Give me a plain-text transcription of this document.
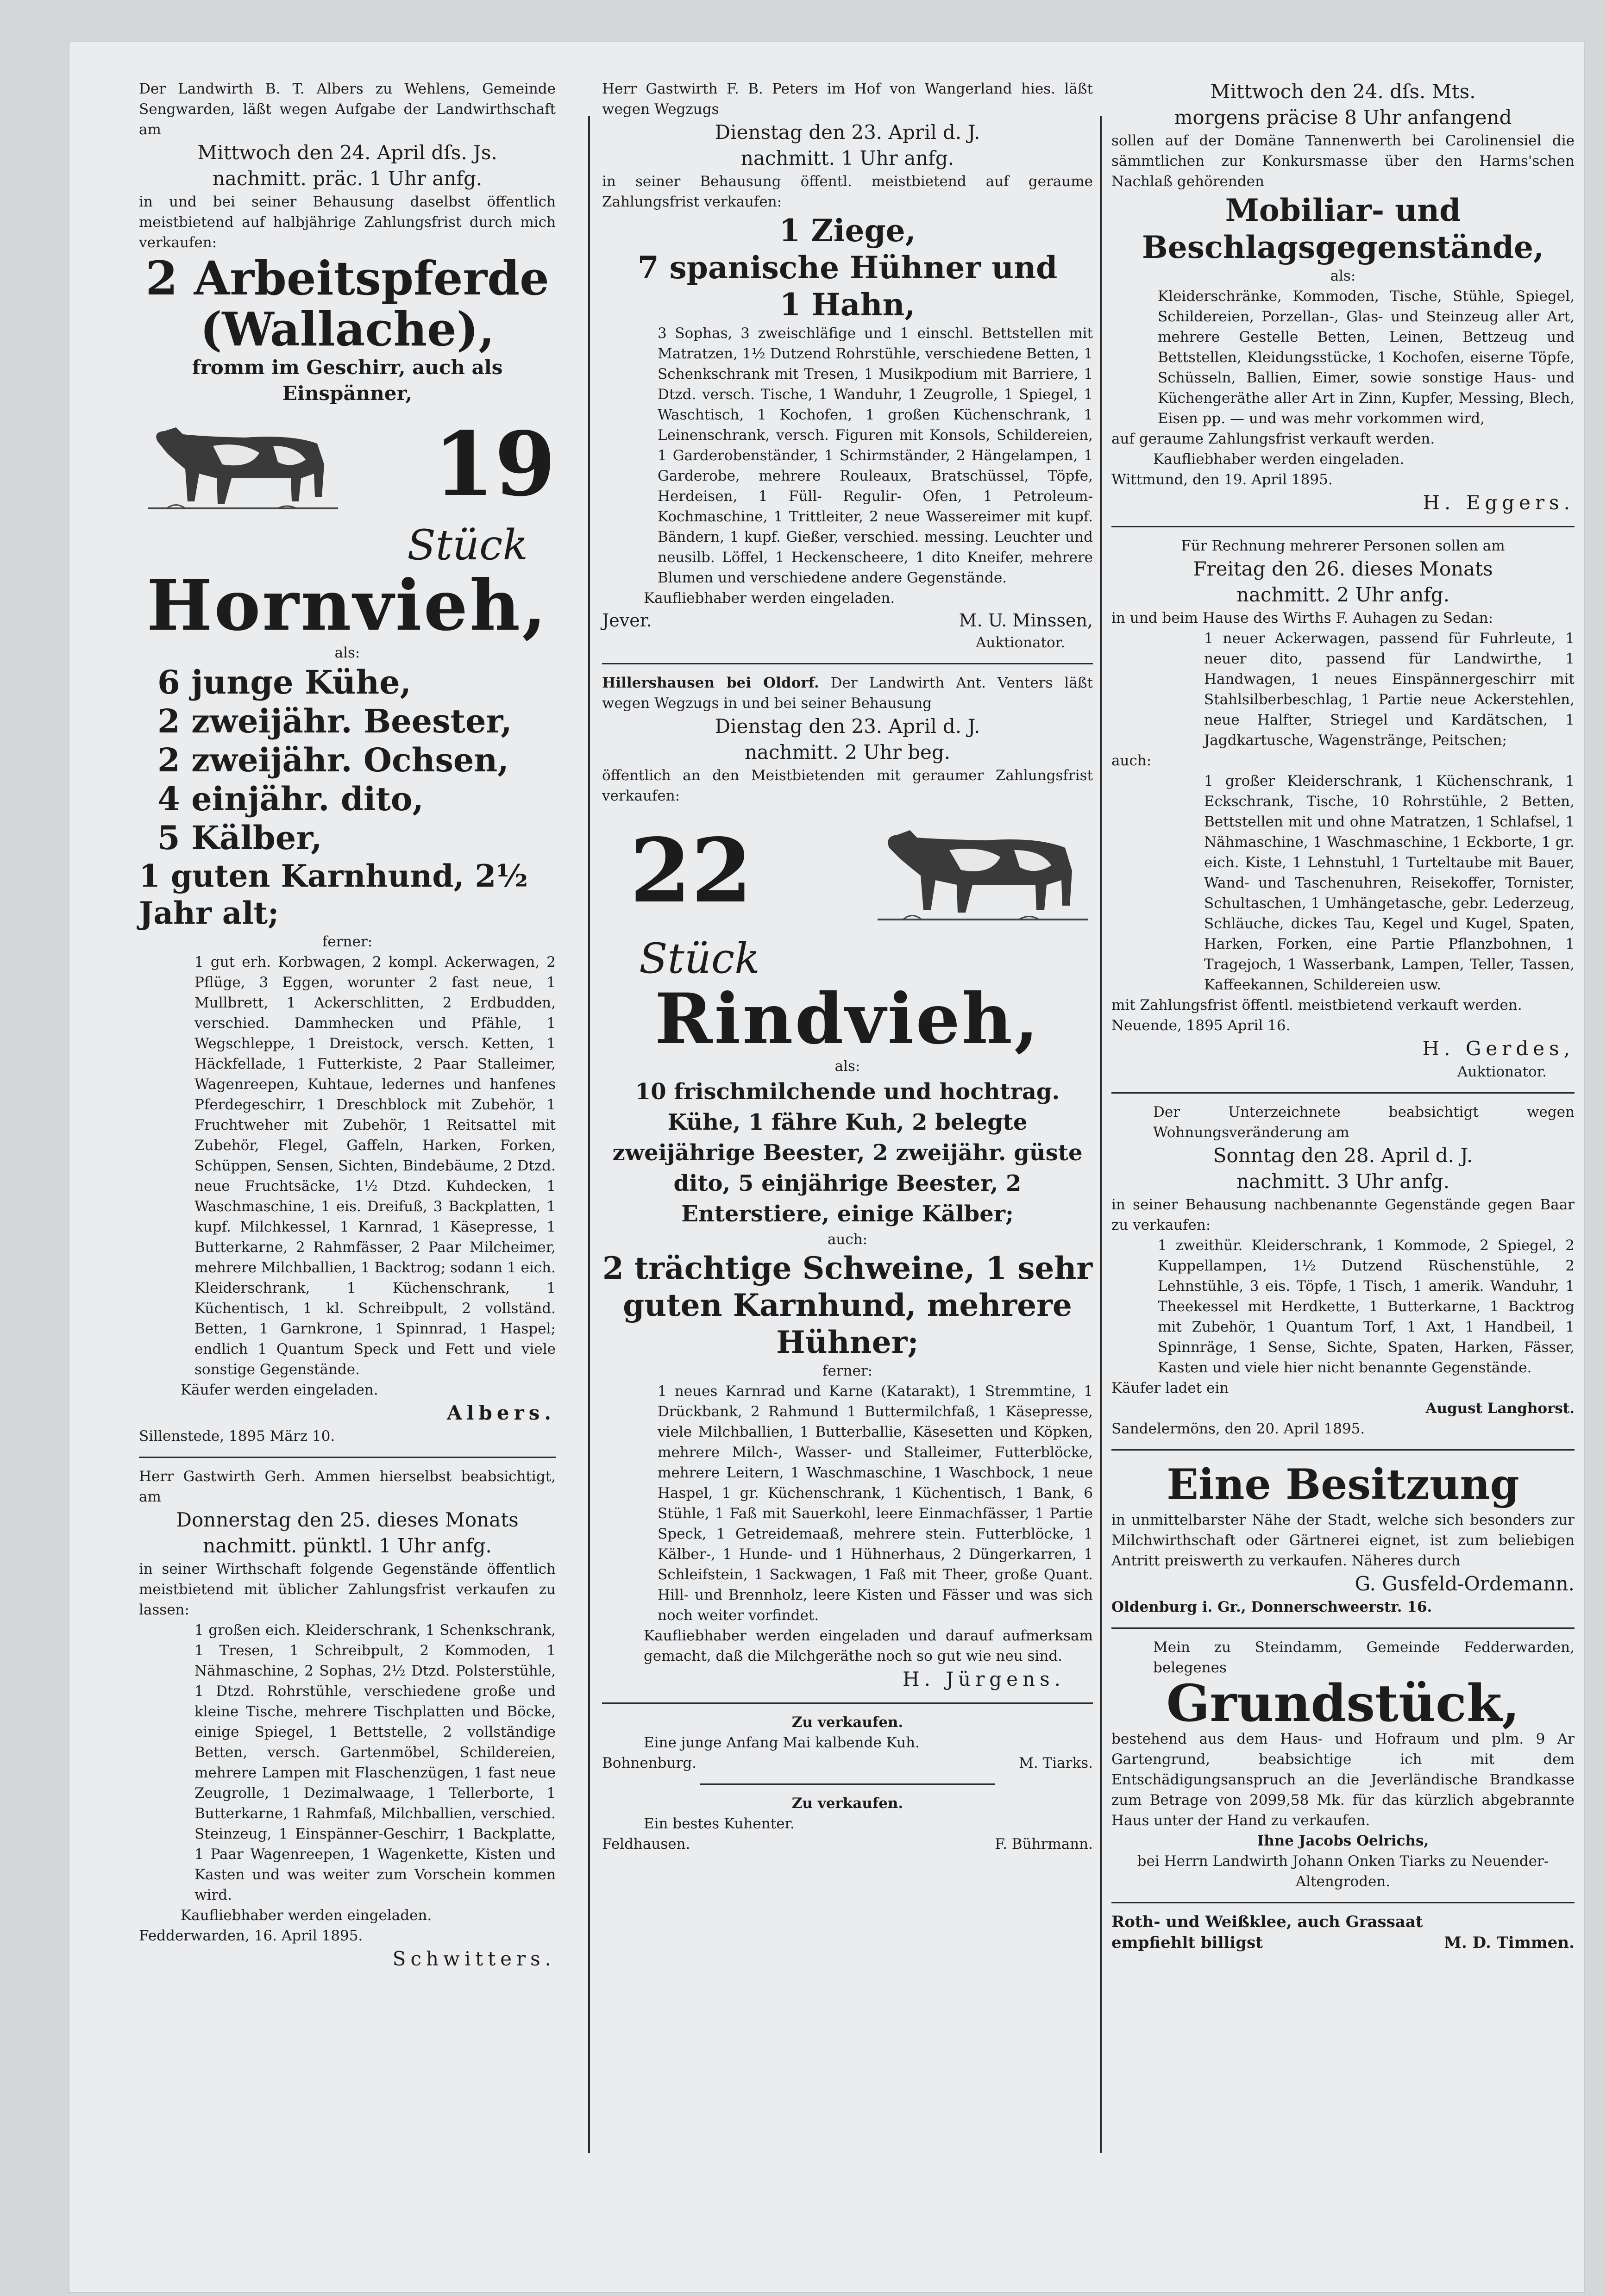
Der Landwirth B. T. Albers zu Wehlens, Gemeinde Sengwarden, läßt wegen Aufgabe der Landwirthschaft am

Mittwoch den 24. April dſs. Js.

nachmitt. präc. 1 Uhr anfg.

in und bei seiner Behausung daselbst öffentlich meistbietend auf halbjährige Zahlungsfrist durch mich verkaufen:

2 Arbeitspferde

(Wallache),

fromm im Geschirr, auch als Einspänner,

19

Stück

Hornvieh,

als:

6 junge Kühe,

2 zweijähr. Beester,

2 zweijähr. Ochsen,

4 einjähr. dito,

5 Kälber,

1 guten Karnhund, 2½ Jahr alt;

ferner:

1 gut erh. Korbwagen, 2 kompl. Ackerwagen, 2 Pflüge, 3 Eggen, worunter 2 fast neue, 1 Mullbrett, 1 Ackerschlitten, 2 Erdbudden, verschied. Dammhecken und Pfähle, 1 Wegschleppe, 1 Dreistock, versch. Ketten, 1 Häckfellade, 1 Futterkiste, 2 Paar Stalleimer, Wagenreepen, Kuhtaue, ledernes und hanfenes Pferdegeschirr, 1 Dreschblock mit Zubehör, 1 Fruchtweher mit Zubehör, 1 Reitsattel mit Zubehör, Flegel, Gaffeln, Harken, Forken, Schüppen, Sensen, Sichten, Bindebäume, 2 Dtzd. neue Fruchtsäcke, 1½ Dtzd. Kuhdecken, 1 Waschmaschine, 1 eis. Dreifuß, 3 Backplatten, 1 kupf. Milchkessel, 1 Karnrad, 1 Käsepresse, 1 Butterkarne, 2 Rahmfässer, 2 Paar Milcheimer, mehrere Milchballien, 1 Backtrog; sodann 1 eich. Kleiderschrank, 1 Küchenschrank, 1 Küchentisch, 1 kl. Schreibpult, 2 vollständ. Betten, 1 Garnkrone, 1 Spinnrad, 1 Haspel; endlich 1 Quantum Speck und Fett und viele sonstige Gegenstände.

Käufer werden eingeladen.

Albers.

Sillenstede, 1895 März 10.

Herr Gastwirth Gerh. Ammen hierselbst beabsichtigt, am

Donnerstag den 25. dieses Monats

nachmitt. pünktl. 1 Uhr anfg.

in seiner Wirthschaft folgende Gegenstände öffentlich meistbietend mit üblicher Zahlungsfrist verkaufen zu lassen:

1 großen eich. Kleiderschrank, 1 Schenkschrank, 1 Tresen, 1 Schreibpult, 2 Kommoden, 1 Nähmaschine, 2 Sophas, 2½ Dtzd. Polsterstühle, 1 Dtzd. Rohrstühle, verschiedene große und kleine Tische, mehrere Tischplatten und Böcke, einige Spiegel, 1 Bettstelle, 2 vollständige Betten, versch. Gartenmöbel, Schildereien, mehrere Lampen mit Flaschenzügen, 1 fast neue Zeugrolle, 1 Dezimalwaage, 1 Tellerborte, 1 Butterkarne, 1 Rahmfaß, Milchballien, verschied. Steinzeug, 1 Einspänner-Geschirr, 1 Backplatte, 1 Paar Wagenreepen, 1 Wagenkette, Kisten und Kasten und was weiter zum Vorschein kommen wird.

Kaufliebhaber werden eingeladen.

Fedderwarden, 16. April 1895.

Schwitters.

Herr Gastwirth F. B. Peters im Hof von Wangerland hies. läßt wegen Wegzugs

Dienstag den 23. April d. J.

nachmitt. 1 Uhr anfg.

in seiner Behausung öffentl. meistbietend auf geraume Zahlungsfrist verkaufen:

1 Ziege,

7 spanische Hühner und

1 Hahn,

3 Sophas, 3 zweischläfige und 1 einschl. Bettstellen mit Matratzen, 1½ Dutzend Rohrstühle, verschiedene Betten, 1 Schenkschrank mit Tresen, 1 Musikpodium mit Barriere, 1 Dtzd. versch. Tische, 1 Wanduhr, 1 Zeugrolle, 1 Spiegel, 1 Waschtisch, 1 Kochofen, 1 großen Küchenschrank, 1 Leinenschrank, versch. Figuren mit Konsols, Schildereien, 1 Garderobenständer, 1 Schirmständer, 2 Hängelampen, 1 Garderobe, mehrere Rouleaux, Bratschüssel, Töpfe, Herdeisen, 1 Füll- Regulir- Ofen, 1 Petroleum-Kochmaschine, 1 Trittleiter, 2 neue Wassereimer mit kupf. Bändern, 1 kupf. Gießer, verschied. messing. Leuchter und neusilb. Löffel, 1 Heckenscheere, 1 dito Kneifer, mehrere Blumen und verschiedene andere Gegenstände.

Kaufliebhaber werden eingeladen.

Jever.	M. U. Minssen,

Auktionator.

Hillershausen bei Oldorf. Der Landwirth Ant. Venters läßt wegen Wegzugs in und bei seiner Behausung

Dienstag den 23. April d. J.

nachmitt. 2 Uhr beg.

öffentlich an den Meistbietenden mit geraumer Zahlungsfrist verkaufen:

22

Stück

Rindvieh,

als:

10 frischmilchende und hochtrag. Kühe, 1 fähre Kuh, 2 belegte zweijährige Beester, 2 zweijähr. güste dito, 5 einjährige Beester, 2 Enterstiere, einige Kälber;

auch:

2 trächtige Schweine, 1 sehr guten Karnhund, mehrere Hühner;

ferner:

1 neues Karnrad und Karne (Katarakt), 1 Stremmtine, 1 Drückbank, 2 Rahmund 1 Buttermilchfaß, 1 Käsepresse, viele Milchballien, 1 Butterballie, Käsesetten und Köpken, mehrere Milch-, Wasser- und Stalleimer, Futterblöcke, mehrere Leitern, 1 Waschmaschine, 1 Waschbock, 1 neue Haspel, 1 gr. Küchenschrank, 1 Küchentisch, 1 Bank, 6 Stühle, 1 Faß mit Sauerkohl, leere Einmachfässer, 1 Partie Speck, 1 Getreidemaaß, mehrere stein. Futterblöcke, 1 Kälber-, 1 Hunde- und 1 Hühnerhaus, 2 Düngerkarren, 1 Schleifstein, 1 Sackwagen, 1 Faß mit Theer, große Quant. Hill- und Brennholz, leere Kisten und Fässer und was sich noch weiter vorfindet.

Kaufliebhaber werden eingeladen und darauf aufmerksam gemacht, daß die Milchgeräthe noch so gut wie neu sind.

H. Jürgens.

Zu verkaufen.

Eine junge Anfang Mai kalbende Kuh.

Bohnenburg.	M. Tiarks.

Zu verkaufen.

Ein bestes Kuhenter.

Feldhausen.	F. Bührmann.

Mittwoch den 24. dſs. Mts.

morgens präcise 8 Uhr anfangend

sollen auf der Domäne Tannenwerth bei Carolinensiel die sämmtlichen zur Konkursmasse über den Harms'schen Nachlaß gehörenden

Mobiliar- und

Beschlagsgegenstände,

als:

Kleiderschränke, Kommoden, Tische, Stühle, Spiegel, Schildereien, Porzellan-, Glas- und Steinzeug aller Art, mehrere Gestelle Betten, Leinen, Bettzeug und Bettstellen, Kleidungsstücke, 1 Kochofen, eiserne Töpfe, Schüsseln, Ballien, Eimer, sowie sonstige Haus- und Küchengeräthe aller Art in Zinn, Kupfer, Messing, Blech, Eisen pp. — und was mehr vorkommen wird,

auf geraume Zahlungsfrist verkauft werden.

Kaufliebhaber werden eingeladen.

Wittmund, den 19. April 1895.

H. Eggers.

Für Rechnung mehrerer Personen sollen am

Freitag den 26. dieses Monats

nachmitt. 2 Uhr anfg.

in und beim Hause des Wirths F. Auhagen zu Sedan:

1 neuer Ackerwagen, passend für Fuhrleute, 1 neuer dito, passend für Landwirthe, 1 Handwagen, 1 neues Einspännergeschirr mit Stahlsilberbeschlag, 1 Partie neue Ackerstehlen, neue Halfter, Striegel und Kardätschen, 1 Jagdkartusche, Wagenstränge, Peitschen;

auch:

1 großer Kleiderschrank, 1 Küchenschrank, 1 Eckschrank, Tische, 10 Rohrstühle, 2 Betten, Bettstellen mit und ohne Matratzen, 1 Schlafsel, 1 Nähmaschine, 1 Waschmaschine, 1 Eckborte, 1 gr. eich. Kiste, 1 Lehnstuhl, 1 Turteltaube mit Bauer, Wand- und Taschenuhren, Reisekoffer, Tornister, Schultaschen, 1 Umhängetasche, gebr. Lederzeug, Schläuche, dickes Tau, Kegel und Kugel, Spaten, Harken, Forken, eine Partie Pflanzbohnen, 1 Tragejoch, 1 Wasserbank, Lampen, Teller, Tassen, Kaffeekannen, Schildereien usw.

mit Zahlungsfrist öffentl. meistbietend verkauft werden.

Neuende, 1895 April 16.

H. Gerdes,

Auktionator.

Der Unterzeichnete beabsichtigt wegen Wohnungsveränderung am

Sonntag den 28. April d. J.

nachmitt. 3 Uhr anfg.

in seiner Behausung nachbenannte Gegenstände gegen Baar zu verkaufen:

1 zweithür. Kleiderschrank, 1 Kommode, 2 Spiegel, 2 Kuppellampen, 1½ Dutzend Rüschenstühle, 2 Lehnstühle, 3 eis. Töpfe, 1 Tisch, 1 amerik. Wanduhr, 1 Theekessel mit Herdkette, 1 Butterkarne, 1 Backtrog mit Zubehör, 1 Quantum Torf, 1 Axt, 1 Handbeil, 1 Spinnräge, 1 Sense, Sichte, Spaten, Harken, Fässer, Kasten und viele hier nicht benannte Gegenstände.

Käufer ladet ein

August Langhorst.

Sandelermöns, den 20. April 1895.

Eine Besitzung

in unmittelbarster Nähe der Stadt, welche sich besonders zur Milchwirthschaft oder Gärtnerei eignet, ist zum beliebigen Antritt preiswerth zu verkaufen. Näheres durch

G. Gusfeld-Ordemann.

Oldenburg i. Gr., Donnerschweerstr. 16.

Mein zu Steindamm, Gemeinde Fedderwarden, belegenes

Grundstück,

bestehend aus dem Haus- und Hofraum und plm. 9 Ar Gartengrund, beabsichtige ich mit dem Entschädigungsanspruch an die Jeverländische Brandkasse zum Betrage von 2099,58 Mk. für das kürzlich abgebrannte Haus unter der Hand zu verkaufen.

Ihne Jacobs Oelrichs,

bei Herrn Landwirth Johann Onken Tiarks zu Neuender-Altengroden.

Roth- und Weißklee, auch Grassaat

empfiehlt billigst	M. D. Timmen.
